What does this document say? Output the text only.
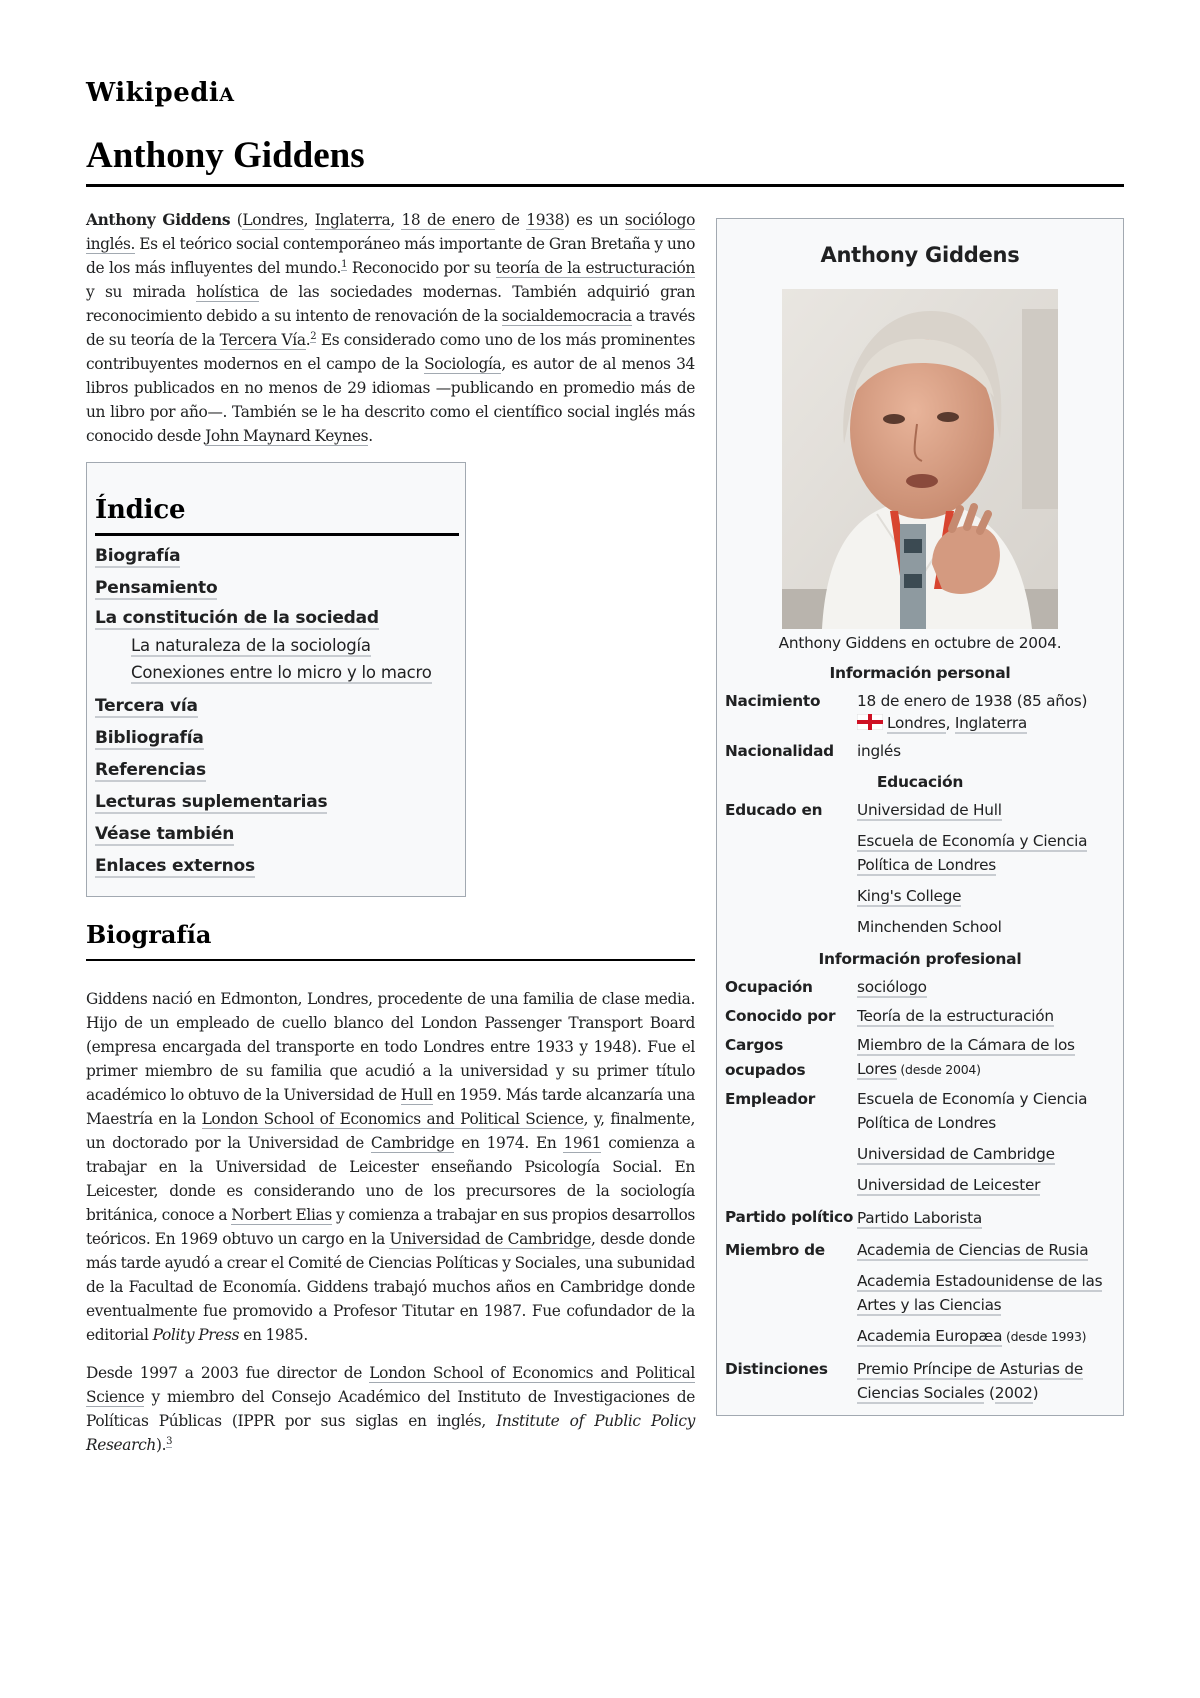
WikipediA
Anthony Giddens

Anthony Giddens (Londres, Inglaterra, 18 de enero de 1938) es un sociólogo inglés. Es el teórico social contemporáneo más importante de Gran Bretaña y uno de los más influyentes del mundo.$^1$ Reconocido por su teoría de la estructuración y su mirada holística de las sociedades modernas. También adquirió gran reconocimiento debido a su intento de renovación de la socialdemocracia a través de su teoría de la Tercera Vía.$^2$ Es considerado como uno de los más prominentes contribuyentes modernos en el campo de la Sociología, es autor de al menos 34 libros publicados en no menos de 29 idiomas —publicando en promedio más de un libro por año—. También se le ha descrito como el científico social inglés más conocido desde John Maynard Keynes.

Índice
Biografía
Pensamiento
La constitución de la sociedad
La naturaleza de la sociología
Conexiones entre lo micro y lo macro
Tercera vía
Bibliografía
Referencias
Lecturas suplementarias
Véase también
Enlaces externos
Biografía

Giddens nació en Edmonton, Londres, procedente de una familia de clase media. Hijo de un empleado de cuello blanco del London Passenger Transport Board (empresa encargada del transporte en todo Londres entre 1933 y 1948). Fue el primer miembro de su familia que acudió a la universidad y su primer título académico lo obtuvo de la Universidad de Hull en 1959. Más tarde alcanzaría una Maestría en la London School of Economics and Political Science, y, finalmente, un doctorado por la Universidad de Cambridge en 1974. En 1961 comienza a trabajar en la Universidad de Leicester enseñando Psicología Social. En Leicester, donde es considerando uno de los precursores de la sociología británica, conoce a Norbert Elias y comienza a trabajar en sus propios desarrollos teóricos. En 1969 obtuvo un cargo en la Universidad de Cambridge, desde donde más tarde ayudó a crear el Comité de Ciencias Políticas y Sociales, una subunidad de la Facultad de Economía. Giddens trabajó muchos años en Cambridge donde eventualmente fue promovido a Profesor Titutar en 1987. Fue cofundador de la editorial Polity Press en 1985.

Desde 1997 a 2003 fue director de London School of Economics and Political Science y miembro del Consejo Académico del Instituto de Investigaciones de Políticas Públicas (IPPR por sus siglas en inglés, Institute of Public Policy Research).$^3$

Anthony Giddens
Anthony Giddens en octubre de 2004.
Información personal
Nacimiento	18 de enero de 1938 (85 años)
Londres, Inglaterra
Nacionalidad	inglés
Educación
Educado en	Universidad de Hull
Escuela de Economía y Ciencia Política de Londres
King's College
Minchenden School
Información profesional
Ocupación	sociólogo
Conocido por	Teoría de la estructuración
Cargos ocupados
Miembro de la Cámara de los Lores (desde 2004)
Empleador	Escuela de Economía y Ciencia Política de Londres
Universidad de Cambridge
Universidad de Leicester
Partido político Partido Laborista
Miembro de	Academia de Ciencias de Rusia
Academia Estadounidense de las Artes y las Ciencias
Academia Europæa (desde 1993)
Distinciones	Premio Príncipe de Asturias de Ciencias Sociales (2002)
